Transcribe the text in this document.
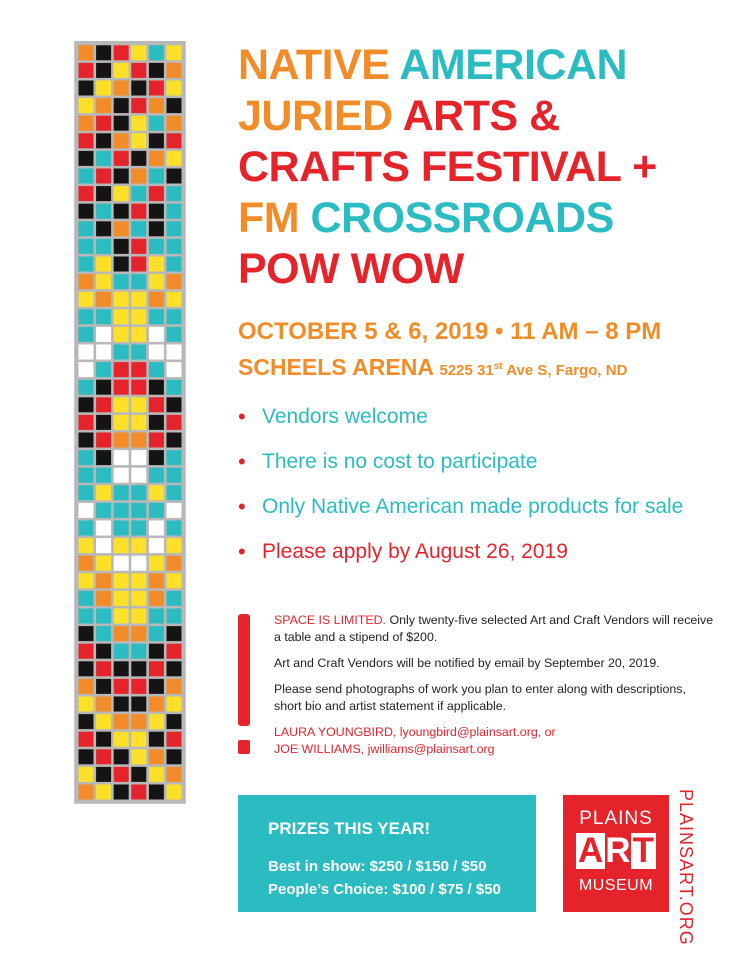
NATIVE AMERICAN
JURIED ARTS &
CRAFTS FESTIVAL +
FM CROSSROADS
POW WOW
OCTOBER 5 & 6, 2019 • 11 AM – 8 PM
SCHEELS ARENA 5225 31st Ave S, Fargo, ND
• Vendors welcome
• There is no cost to participate
• Only Native American made products for sale
• Please apply by August 26, 2019

SPACE IS LIMITED. Only twenty-five selected Art and Craft Vendors will receive a table and a stipend of $200.

Art and Craft Vendors will be notified by email by September 20, 2019.

Please send photographs of work you plan to enter along with descriptions, short bio and artist statement if applicable.

LAURA YOUNGBIRD, lyoungbird@plainsart.org, or

JOE WILLIAMS, jwilliams@plainsart.org

PRIZES THIS YEAR!
Best in show: $250 / $150 / $50
People’s Choice: $100 / $75 / $50
PLAINS
ART
MUSEUM	PLAINSART.ORG
